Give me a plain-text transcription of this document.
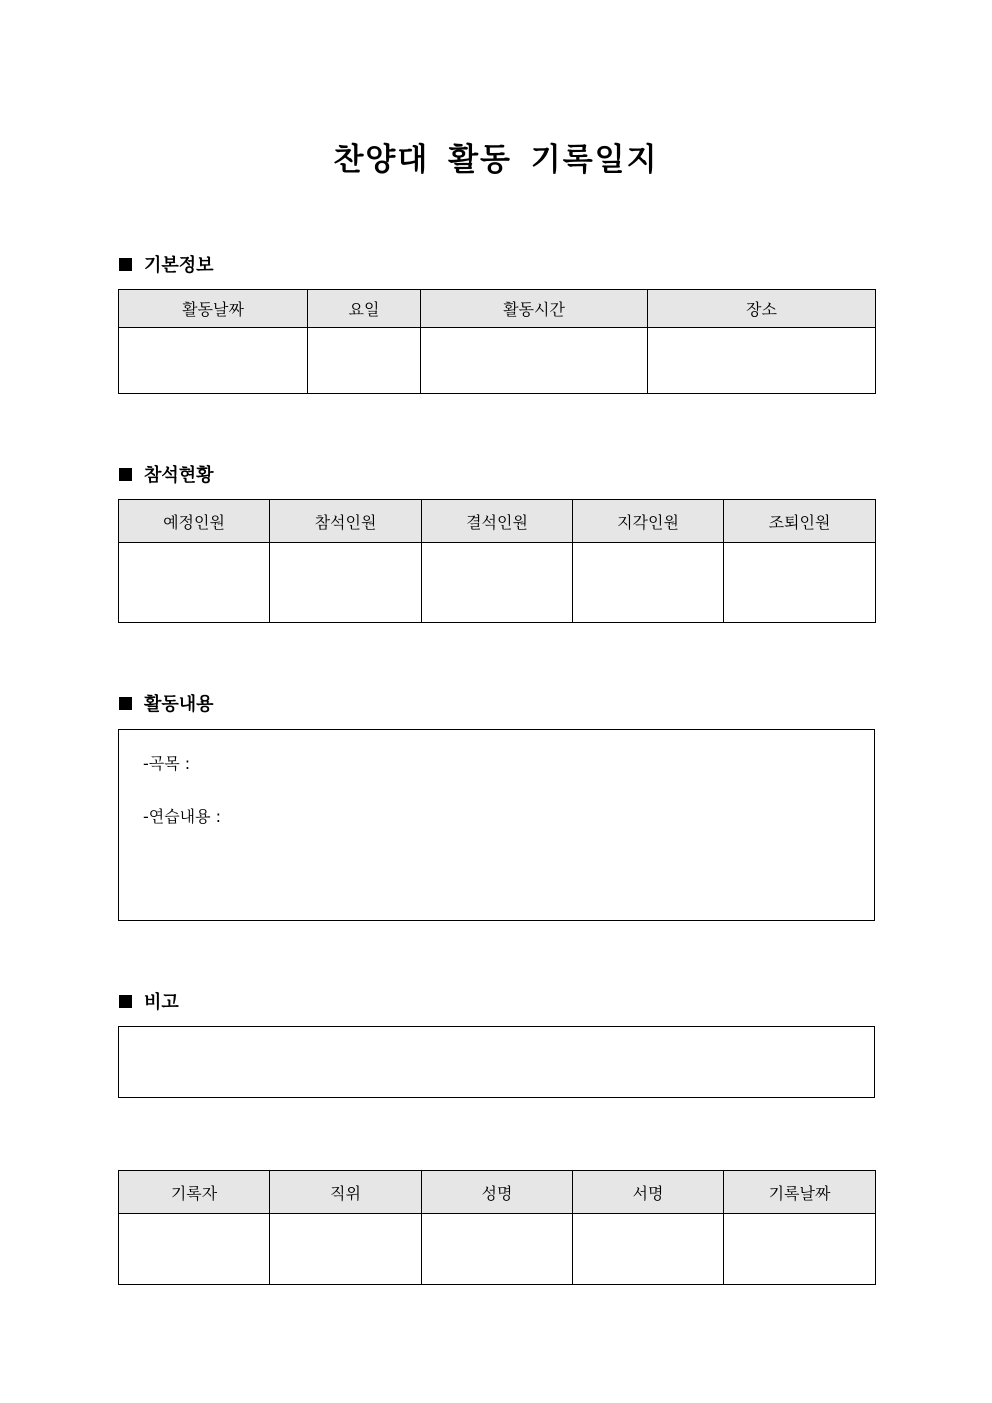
찬양대 활동 기록일지
기본정보
활동날짜	요일	활동시간	장소

참석현황
예정인원	참석인원	결석인원	지각인원	조퇴인원

활동내용
-곡목 :
-연습내용 :
비고
기록자	직위	성명	서명	기록날짜
